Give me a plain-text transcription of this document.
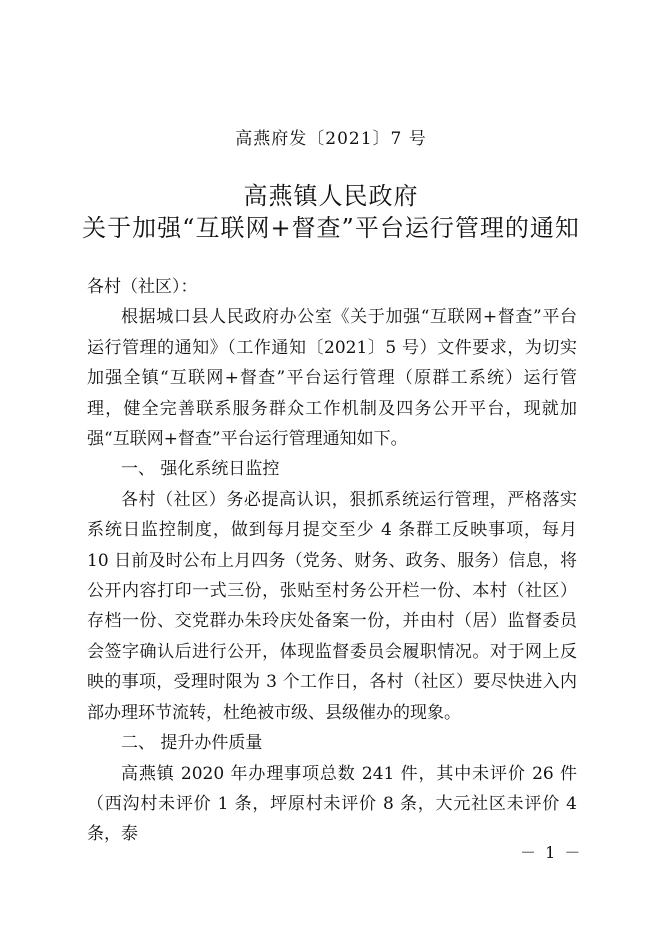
高燕府发〔2021〕7 号
高燕镇人民政府
关于加强“互联网+督查”平台运行管理的通知

各村（社区）：

根据城口县人民政府办公室《关于加强“互联网+督查”平台运行管理的通知》（工作通知〔2021〕5 号）文件要求，为切实加强全镇“互联网+督查”平台运行管理（原群工系统）运行管理，健全完善联系服务群众工作机制及四务公开平台，现就加强“互联网+督查”平台运行管理通知如下。

一、 强化系统日监控

各村（社区）务必提高认识，狠抓系统运行管理，严格落实系统日监控制度，做到每月提交至少 4 条群工反映事项，每月 10 日前及时公布上月四务（党务、财务、政务、服务）信息，将公开内容打印一式三份，张贴至村务公开栏一份、本村（社区）存档一份、交党群办朱玲庆处备案一份，并由村（居）监督委员会签字确认后进行公开，体现监督委员会履职情况。对于网上反映的事项，受理时限为 3 个工作日，各村（社区）要尽快进入内部办理环节流转，杜绝被市级、县级催办的现象。

二、 提升办件质量

高燕镇 2020 年办理事项总数 241 件，其中未评价 26 件（西沟村未评价 1 条，坪原村未评价 8 条，大元社区未评价 4 条，泰

－ 1 －
